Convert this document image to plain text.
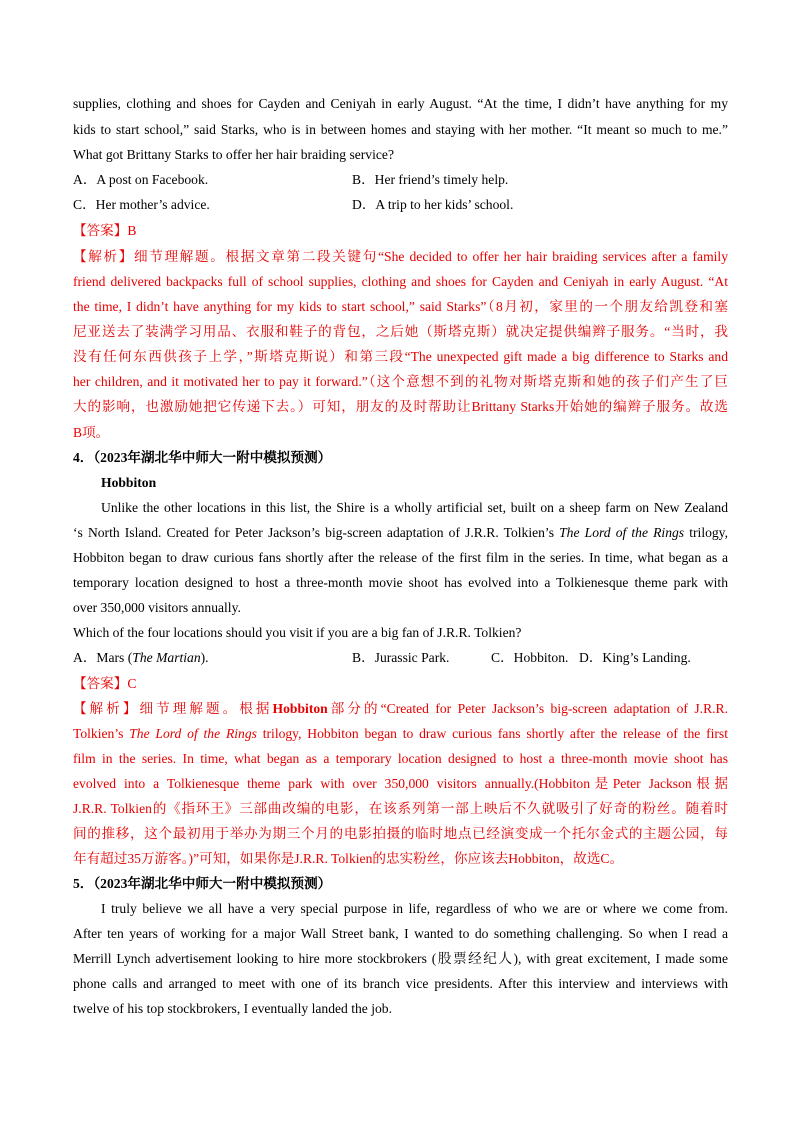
supplies, clothing and shoes for Cayden and Ceniyah in early August. “At the time, I didn’t have anything for my
kids to start school,” said Starks, who is in between homes and staying with her mother. “It meant so much to me.”
What got Brittany Starks to offer her hair braiding service?
A．A post on Facebook.	B．Her friend’s timely help.
C．Her mother’s advice.	D．A trip to her kids’ school.
【答案】B
【解析】细节理解题。根据文章第二段关键句“She decided to offer her hair braiding services after a family
friend delivered backpacks full of school supplies, clothing and shoes for Cayden and Ceniyah in early August. “At
the time, I didn’t have anything for my kids to start school,” said Starks”（8月初，家里的一个朋友给凯登和塞
尼亚送去了装满学习用品、衣服和鞋子的背包，之后她（斯塔克斯）就决定提供编辫子服务。“当时，我
没有任何东西供孩子上学，”斯塔克斯说）和第三段“The unexpected gift made a big difference to Starks and
her children, and it motivated her to pay it forward.”（这个意想不到的礼物对斯塔克斯和她的孩子们产生了巨
大的影响，也激励她把它传递下去。）可知，朋友的及时帮助让Brittany Starks开始她的编辫子服务。故选
B项。
4．（2023年湖北华中师大一附中模拟预测）
Hobbiton
Unlike the other locations in this list, the Shire is a wholly artificial set, built on a sheep farm on New Zealand
‘s North Island. Created for Peter Jackson’s big-screen adaptation of J.R.R. Tolkien’s The Lord of the Rings trilogy,
Hobbiton began to draw curious fans shortly after the release of the first film in the series. In time, what began as a
temporary location designed to host a three-month movie shoot has evolved into a Tolkienesque theme park with
over 350,000 visitors annually.
Which of the four locations should you visit if you are a big fan of J.R.R. Tolkien?
A．Mars (The Martian).	B．Jurassic Park.	C．Hobbiton. D．King’s Landing.
【答案】C
【解析】细节理解题。根据Hobbiton部分的“Created for Peter Jackson’s big-screen adaptation of J.R.R.
Tolkien’s The Lord of the Rings trilogy, Hobbiton began to draw curious fans shortly after the release of the first
film in the series. In time, what began as a temporary location designed to host a three-month movie shoot has
evolved into a Tolkienesque theme park with over 350,000 visitors annually.(Hobbiton是Peter Jackson根据
J.R.R. Tolkien的《指环王》三部曲改编的电影，在该系列第一部上映后不久就吸引了好奇的粉丝。随着时
间的推移，这个最初用于举办为期三个月的电影拍摄的临时地点已经演变成一个托尔金式的主题公园，每
年有超过35万游客。)”可知，如果你是J.R.R. Tolkien的忠实粉丝，你应该去Hobbiton，故选C。
5．（2023年湖北华中师大一附中模拟预测）
I truly believe we all have a very special purpose in life, regardless of who we are or where we come from.
After ten years of working for a major Wall Street bank, I wanted to do something challenging. So when I read a
Merrill Lynch advertisement looking to hire more stockbrokers (股票经纪人), with great excitement, I made some
phone calls and arranged to meet with one of its branch vice presidents. After this interview and interviews with
twelve of his top stockbrokers, I eventually landed the job.
